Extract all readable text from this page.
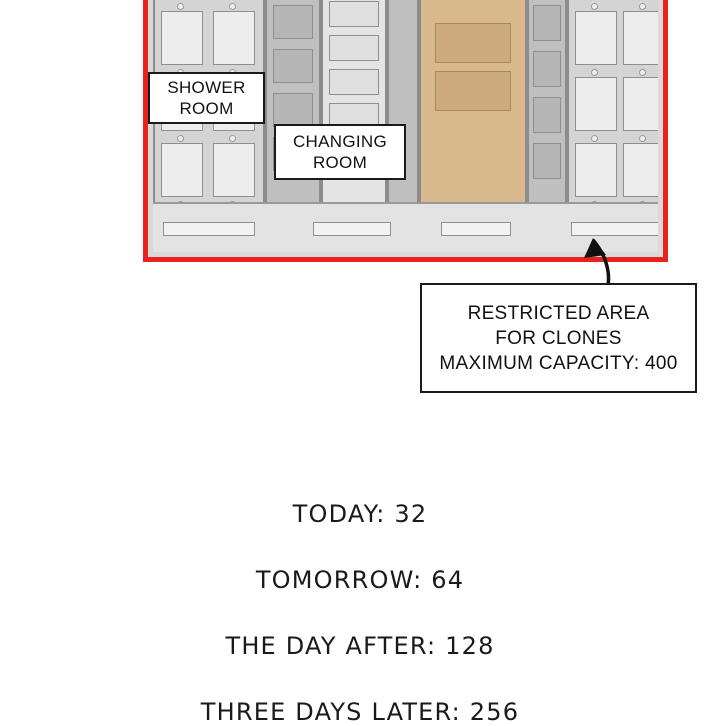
SHOWER
ROOM
CHANGING
ROOM
RESTRICTED AREA
FOR CLONES
MAXIMUM CAPACITY: 400

TODAY: 32

TOMORROW: 64

THE DAY AFTER: 128

THREE DAYS LATER: 256
